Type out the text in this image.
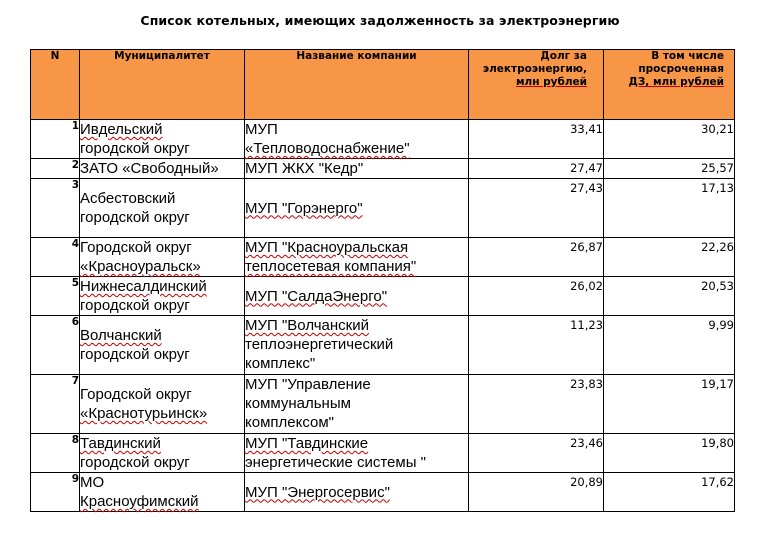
Список котельных, имеющих задолженность за электроэнергию
N	Муниципалитет	Название компании	Долг за
электроэнергию,
млн рублей	В том числе
просроченная
ДЗ, млн рублей
1	Ивдельский
городской округ	МУП
«Тепловодоснабжение"	33,41	30,21
2	ЗАТО «Свободный»	МУП ЖКХ "Кедр"	27,47	25,57
3	Асбестовский
городской округ	МУП "Горэнерго"	27,43	17,13
4	Городской округ
«Красноуральск»	МУП "Красноуральская
теплосетевая компания"	26,87	22,26
5	Нижнесалдинский
городской округ	МУП "СалдаЭнерго"	26,02	20,53
6	Волчанский
городской округ	МУП "Волчанский
теплоэнергетический
комплекс"	11,23	9,99
7	Городской округ
«Краснотурьинск»	МУП "Управление
коммунальным
комплексом"	23,83	19,17
8	Тавдинский
городской округ	МУП "Тавдинские
энергетические системы "	23,46	19,80
9	МО
Красноуфимский	МУП "Энергосервис"	20,89	17,62
